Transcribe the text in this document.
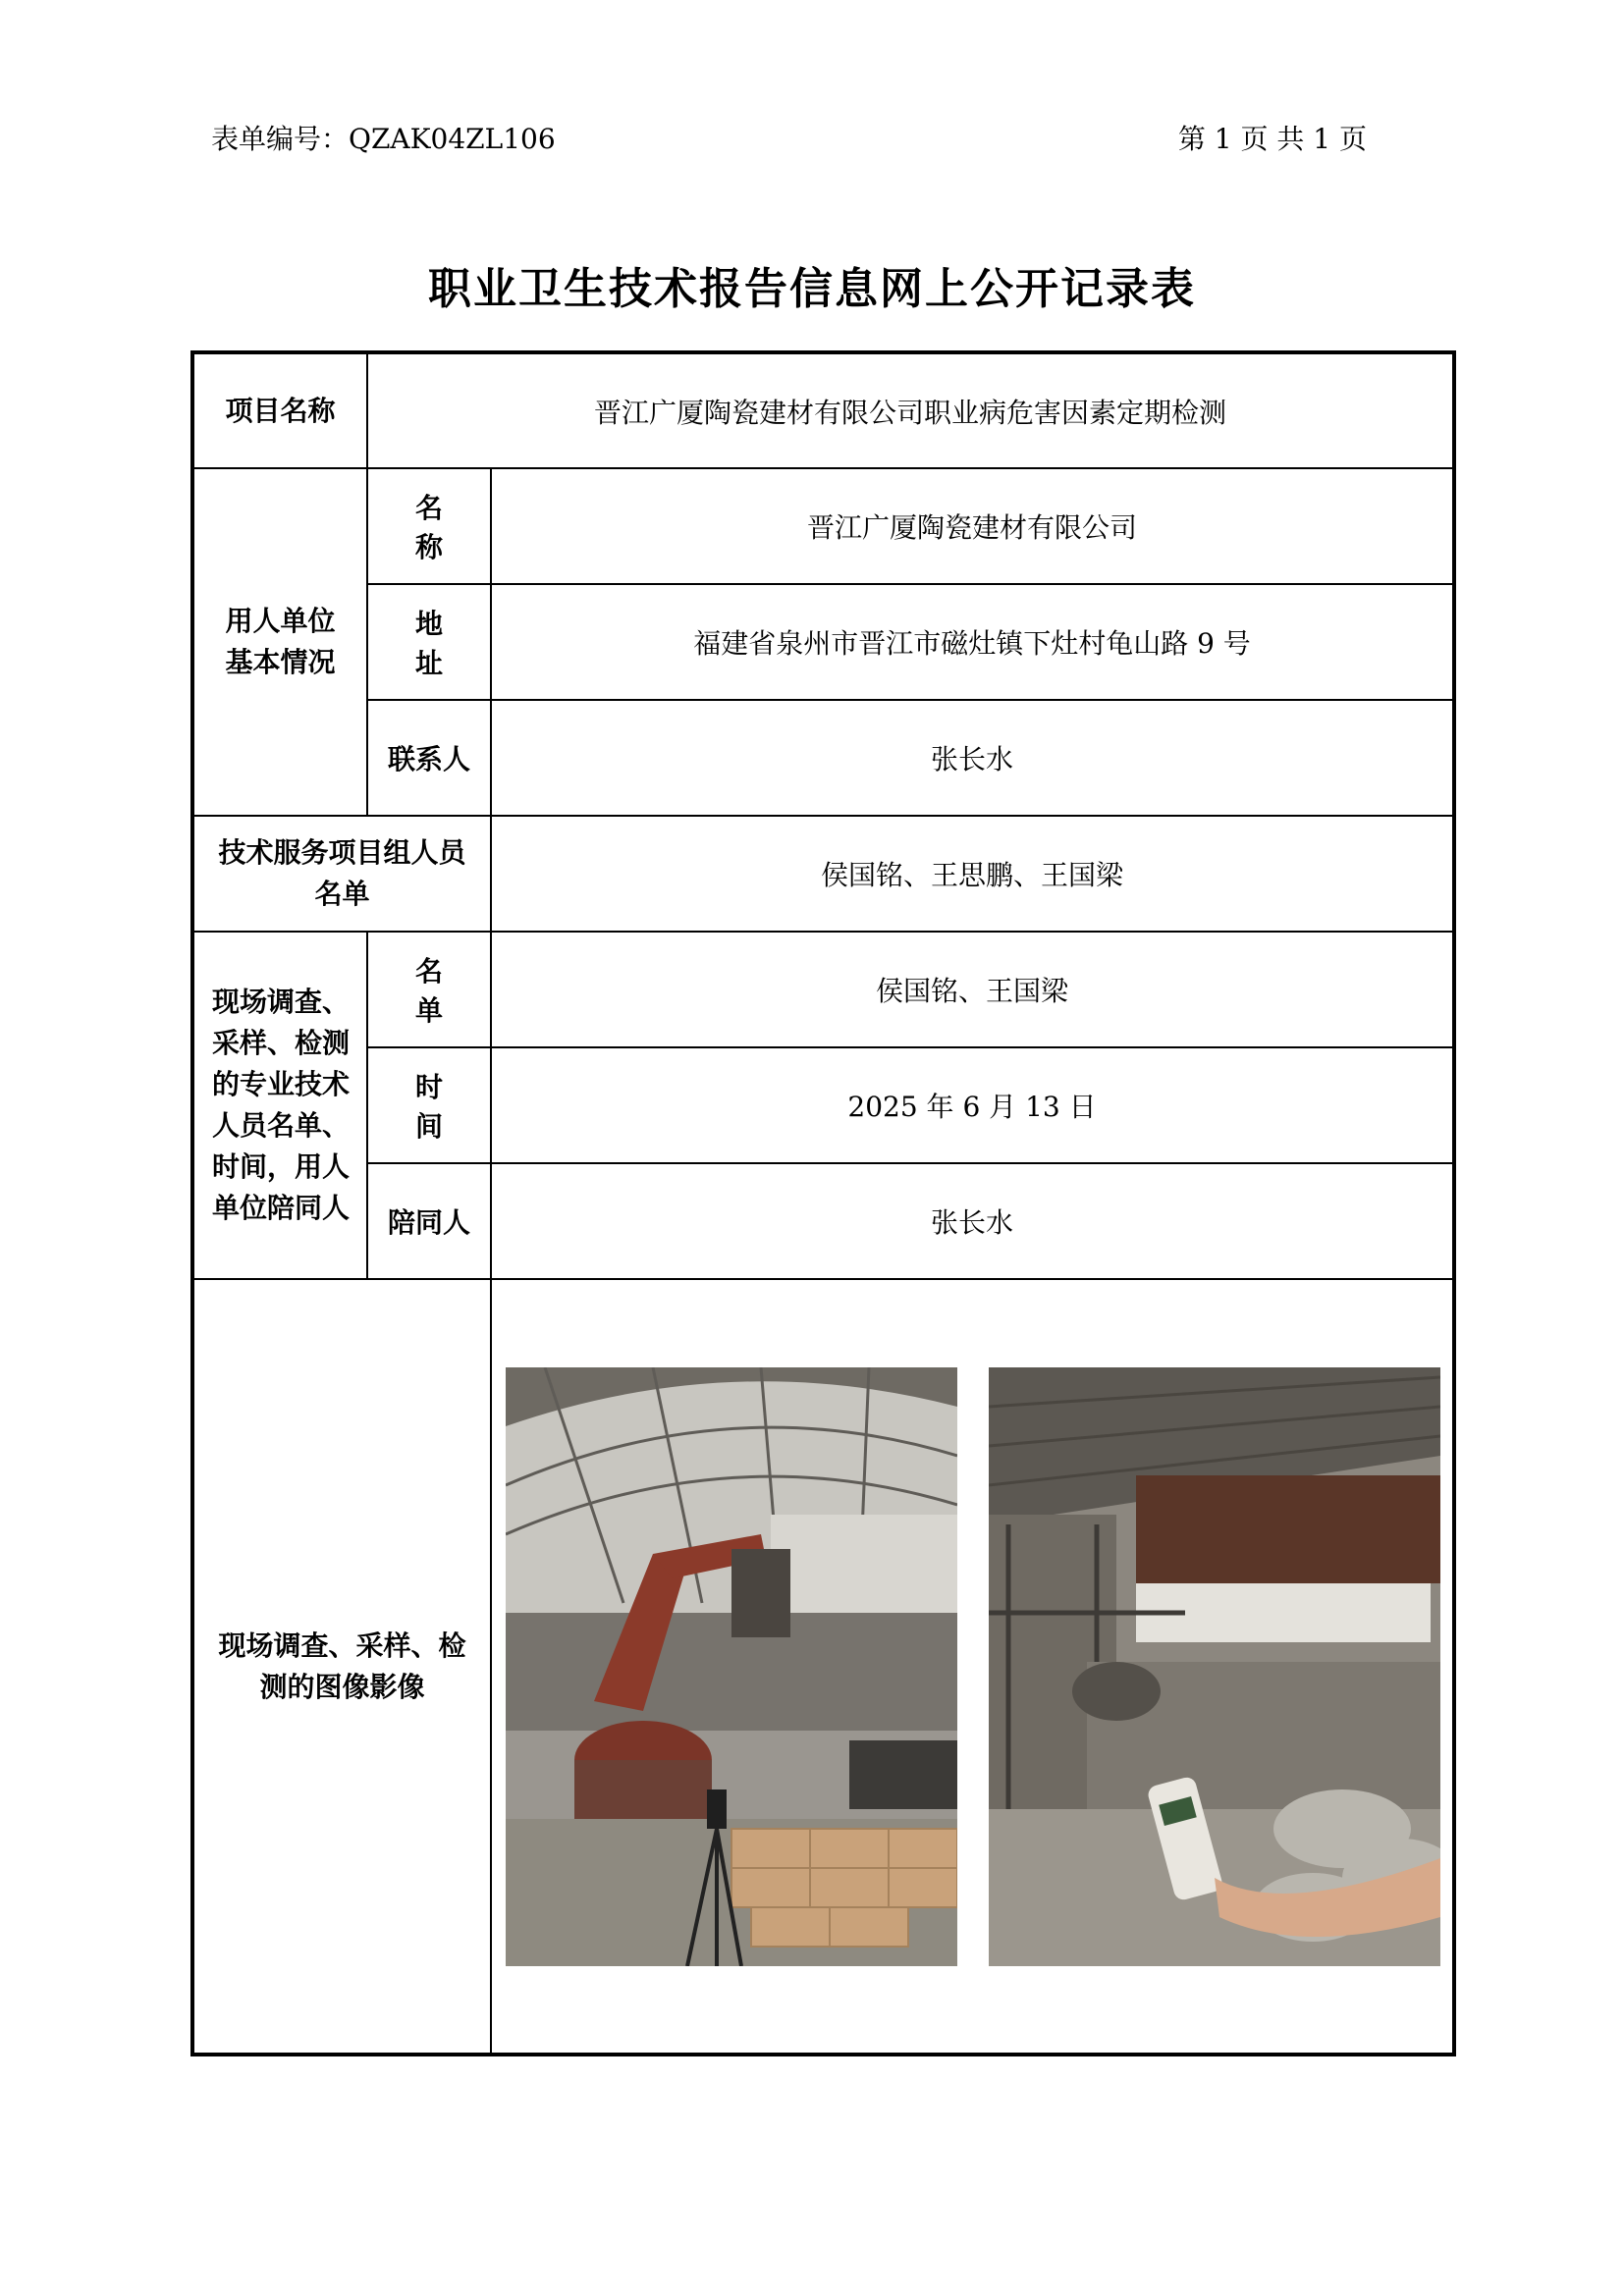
表单编号：QZAK04ZL106	第 1 页 共 1 页
职业卫生技术报告信息网上公开记录表
项目名称	晋江广厦陶瓷建材有限公司职业病危害因素定期检测	

用人单位基本情况	名称	晋江广厦陶瓷建材有限公司
	地址	福建省泉州市晋江市磁灶镇下灶村龟山路 9 号
	联系人	张长水

技术服务项目组人员名单		侯国铭、王思鹏、王国梁

现场调查、采样、检测的专业技术人员名单、时间，用人单位陪同人	名单	侯国铭、王国梁
	时间	2025 年 6 月 13 日
	陪同人	张长水

现场调查、采样、检测的图像影像
